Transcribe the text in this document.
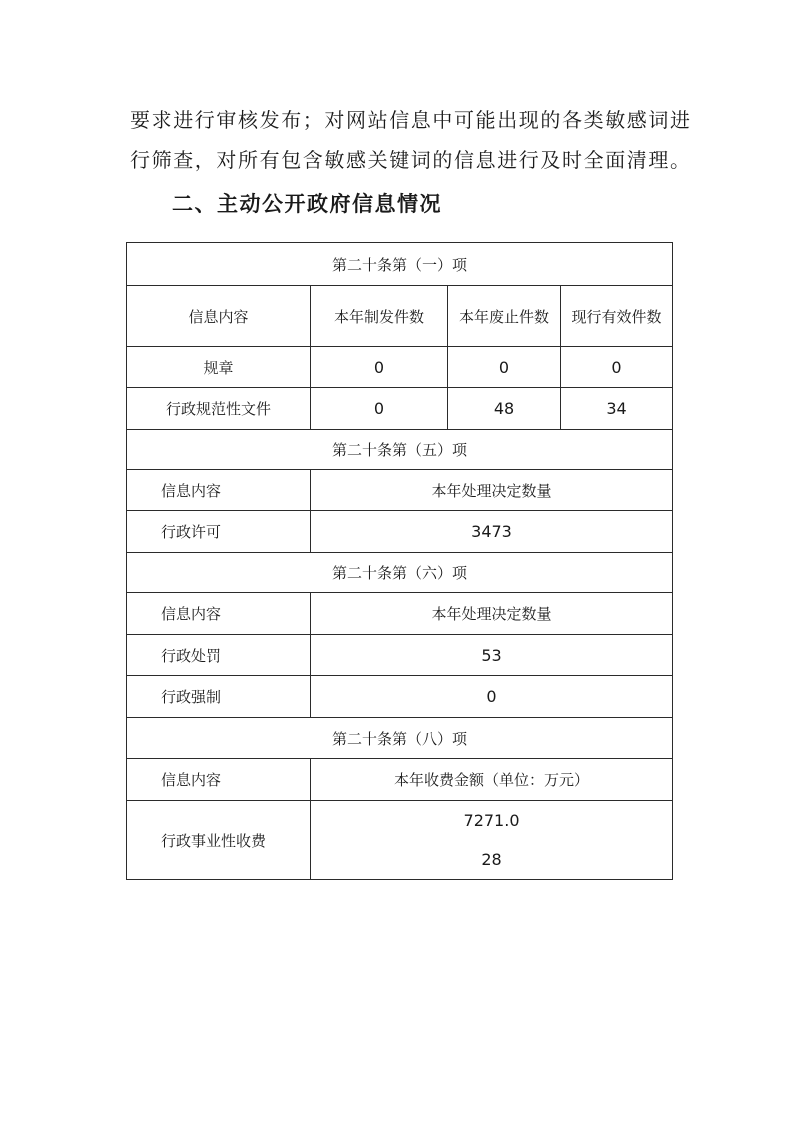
要求进行审核发布；对网站信息中可能出现的各类敏感词进
行筛查，对所有包含敏感关键词的信息进行及时全面清理。

二、主动公开政府信息情况
第二十条第（一）项			
信息内容	本年制发件数	本年废止件数	现行有效件数
规章	0	0	0
行政规范性文件	0	48	34
第二十条第（五）项			
信息内容	本年处理决定数量		
行政许可	3473		
第二十条第（六）项			
信息内容	本年处理决定数量		
行政处罚	53		
行政强制	0		
第二十条第（八）项			
信息内容	本年收费金额（单位：万元）		
行政事业性收费	7271.0
28		
